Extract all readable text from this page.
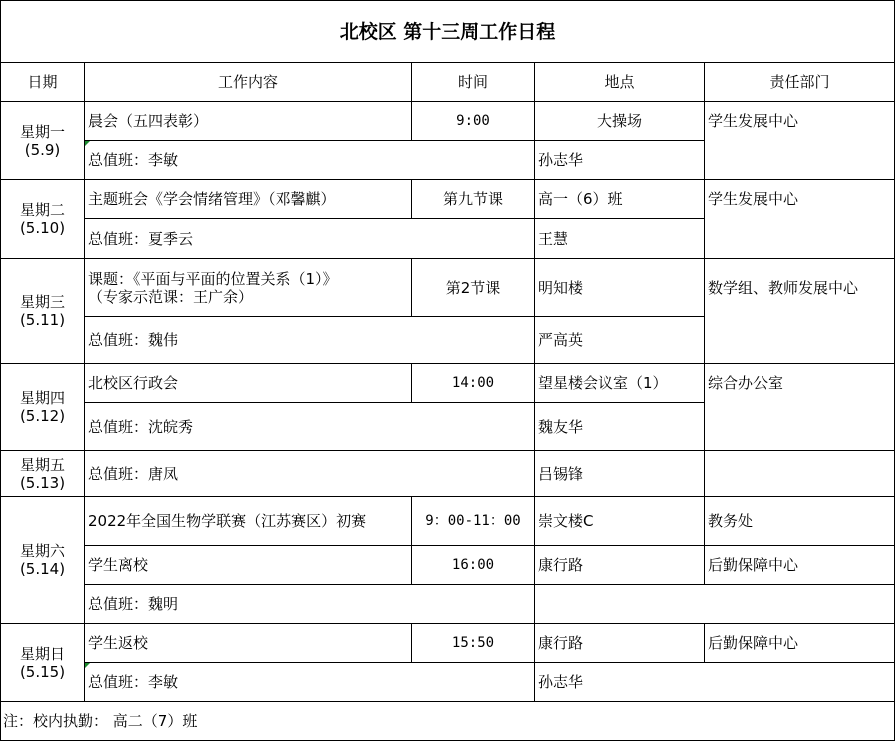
北校区 第十三周工作日程
日期	工作内容	时间	地点	责任部门
星期一
(5.9)
晨会（五四表彰）	9:00	大操场	学生发展中心
总值班：李敏	孙志华
星期二
(5.10)
主题班会《学会情绪管理》（邓馨麒）	第九节课	高一（6）班	学生发展中心
总值班：夏季云	王慧
星期三
(5.11)
课题：《平面与平面的位置关系（1）》
（专家示范课：王广余）	第2节课	明知楼	数学组、教师发展中心
总值班：魏伟	严高英
星期四
(5.12)
北校区行政会	14:00	望星楼会议室（1）	综合办公室
总值班：沈皖秀	魏友华
星期五
(5.13) 总值班：唐凤	吕锡锋
星期六
(5.14)
2022年全国生物学联赛（江苏赛区）初赛	9：00-11：00	崇文楼C	教务处
学生离校	16:00	康行路	后勤保障中心
总值班：魏明
星期日
(5.15)
学生返校	15:50	康行路	后勤保障中心
总值班：李敏	孙志华
注：校内执勤： 高二（7）班
